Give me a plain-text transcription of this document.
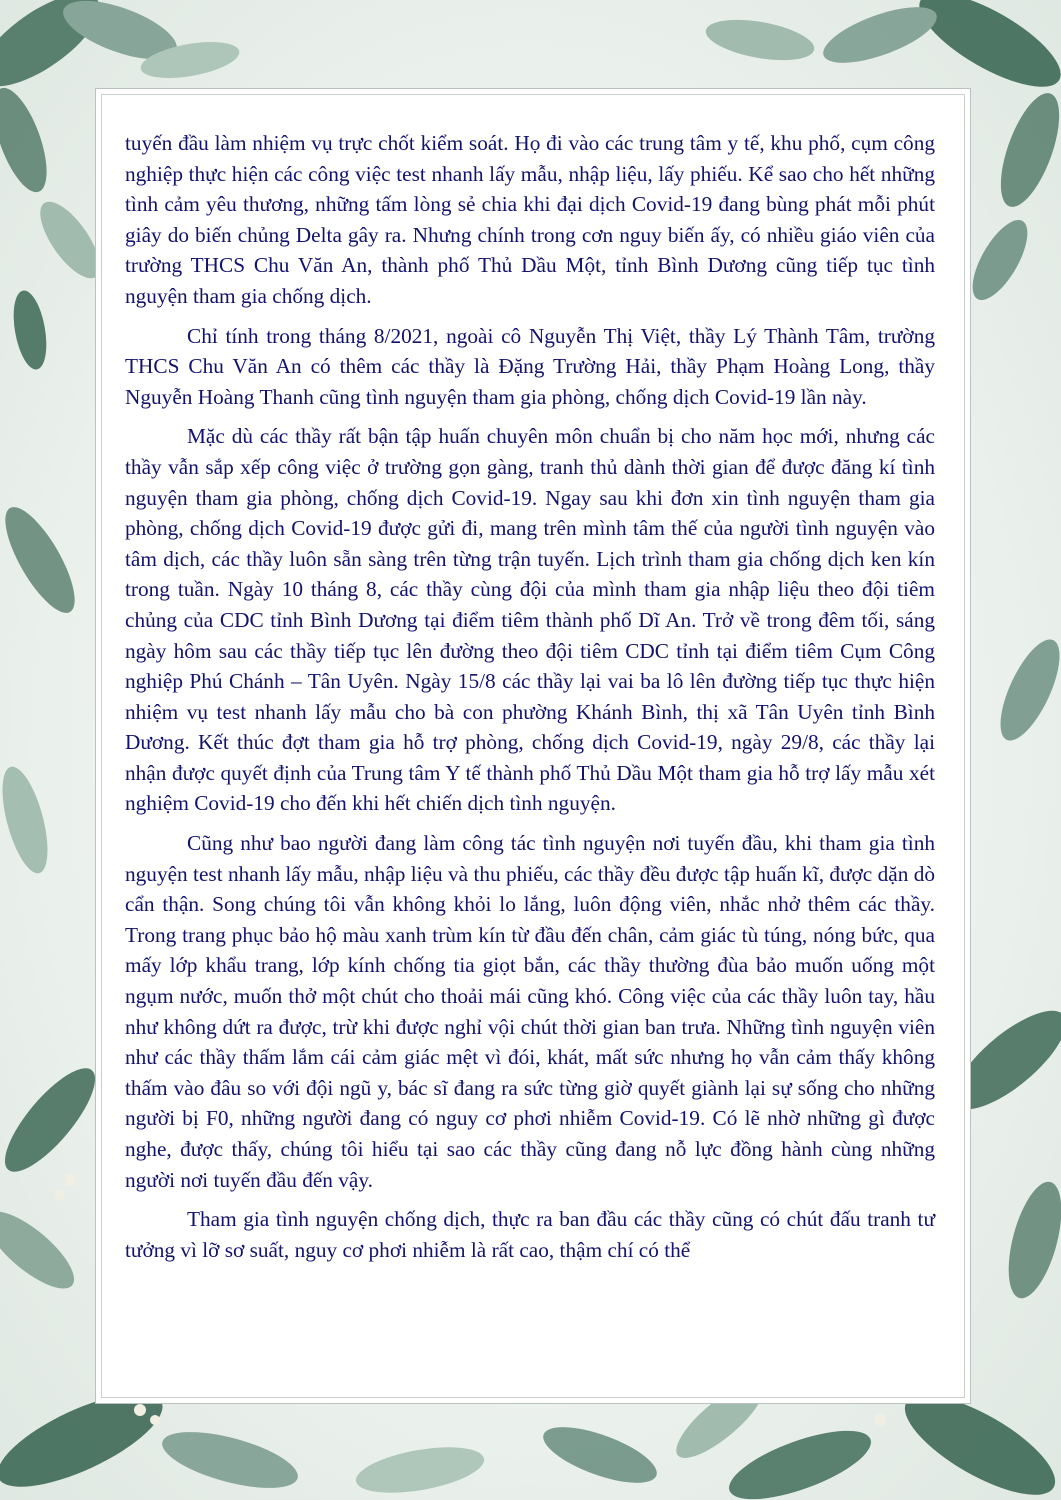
tuyến đầu làm nhiệm vụ trực chốt kiểm soát. Họ đi vào các trung tâm y tế, khu phố, cụm công nghiệp thực hiện các công việc test nhanh lấy mẫu, nhập liệu, lấy phiếu. Kể sao cho hết những tình cảm yêu thương, những tấm lòng sẻ chia khi đại dịch Covid-19 đang bùng phát mỗi phút giây do biến chủng Delta gây ra. Nhưng chính trong cơn nguy biến ấy, có nhiều giáo viên của trường THCS Chu Văn An, thành phố Thủ Dầu Một, tỉnh Bình Dương cũng tiếp tục tình nguyện tham gia chống dịch.

Chỉ tính trong tháng 8/2021, ngoài cô Nguyễn Thị Việt, thầy Lý Thành Tâm, trường THCS Chu Văn An có thêm các thầy là Đặng Trường Hải, thầy Phạm Hoàng Long, thầy Nguyễn Hoàng Thanh cũng tình nguyện tham gia phòng, chống dịch Covid-19 lần này.

Mặc dù các thầy rất bận tập huấn chuyên môn chuẩn bị cho năm học mới, nhưng các thầy vẫn sắp xếp công việc ở trường gọn gàng, tranh thủ dành thời gian để được đăng kí tình nguyện tham gia phòng, chống dịch Covid-19. Ngay sau khi đơn xin tình nguyện tham gia phòng, chống dịch Covid-19 được gửi đi, mang trên mình tâm thế của người tình nguyện vào tâm dịch, các thầy luôn sẵn sàng trên từng trận tuyến. Lịch trình tham gia chống dịch ken kín trong tuần. Ngày 10 tháng 8, các thầy cùng đội của mình tham gia nhập liệu theo đội tiêm chủng của CDC tỉnh Bình Dương tại điểm tiêm thành phố Dĩ An. Trở về trong đêm tối, sáng ngày hôm sau các thầy tiếp tục lên đường theo đội tiêm CDC tỉnh tại điểm tiêm Cụm Công nghiệp Phú Chánh – Tân Uyên. Ngày 15/8 các thầy lại vai ba lô lên đường tiếp tục thực hiện nhiệm vụ test nhanh lấy mẫu cho bà con phường Khánh Bình, thị xã Tân Uyên tỉnh Bình Dương. Kết thúc đợt tham gia hỗ trợ phòng, chống dịch Covid-19, ngày 29/8, các thầy lại nhận được quyết định của Trung tâm Y tế thành phố Thủ Dầu Một tham gia hỗ trợ lấy mẫu xét nghiệm Covid-19 cho đến khi hết chiến dịch tình nguyện.

Cũng như bao người đang làm công tác tình nguyện nơi tuyến đầu, khi tham gia tình nguyện test nhanh lấy mẫu, nhập liệu và thu phiếu, các thầy đều được tập huấn kĩ, được dặn dò cẩn thận. Song chúng tôi vẫn không khỏi lo lắng, luôn động viên, nhắc nhở thêm các thầy. Trong trang phục bảo hộ màu xanh trùm kín từ đầu đến chân, cảm giác tù túng, nóng bức, qua mấy lớp khẩu trang, lớp kính chống tia giọt bắn, các thầy thường đùa bảo muốn uống một ngụm nước, muốn thở một chút cho thoải mái cũng khó. Công việc của các thầy luôn tay, hầu như không dứt ra được, trừ khi được nghỉ vội chút thời gian ban trưa. Những tình nguyện viên như các thầy thấm lắm cái cảm giác mệt vì đói, khát, mất sức nhưng họ vẫn cảm thấy không thấm vào đâu so với đội ngũ y, bác sĩ đang ra sức từng giờ quyết giành lại sự sống cho những người bị F0, những người đang có nguy cơ phơi nhiễm Covid-19. Có lẽ nhờ những gì được nghe, được thấy, chúng tôi hiểu tại sao các thầy cũng đang nỗ lực đồng hành cùng những người nơi tuyến đầu đến vậy.

Tham gia tình nguyện chống dịch, thực ra ban đầu các thầy cũng có chút đấu tranh tư tưởng vì lỡ sơ suất, nguy cơ phơi nhiễm là rất cao, thậm chí có thể
